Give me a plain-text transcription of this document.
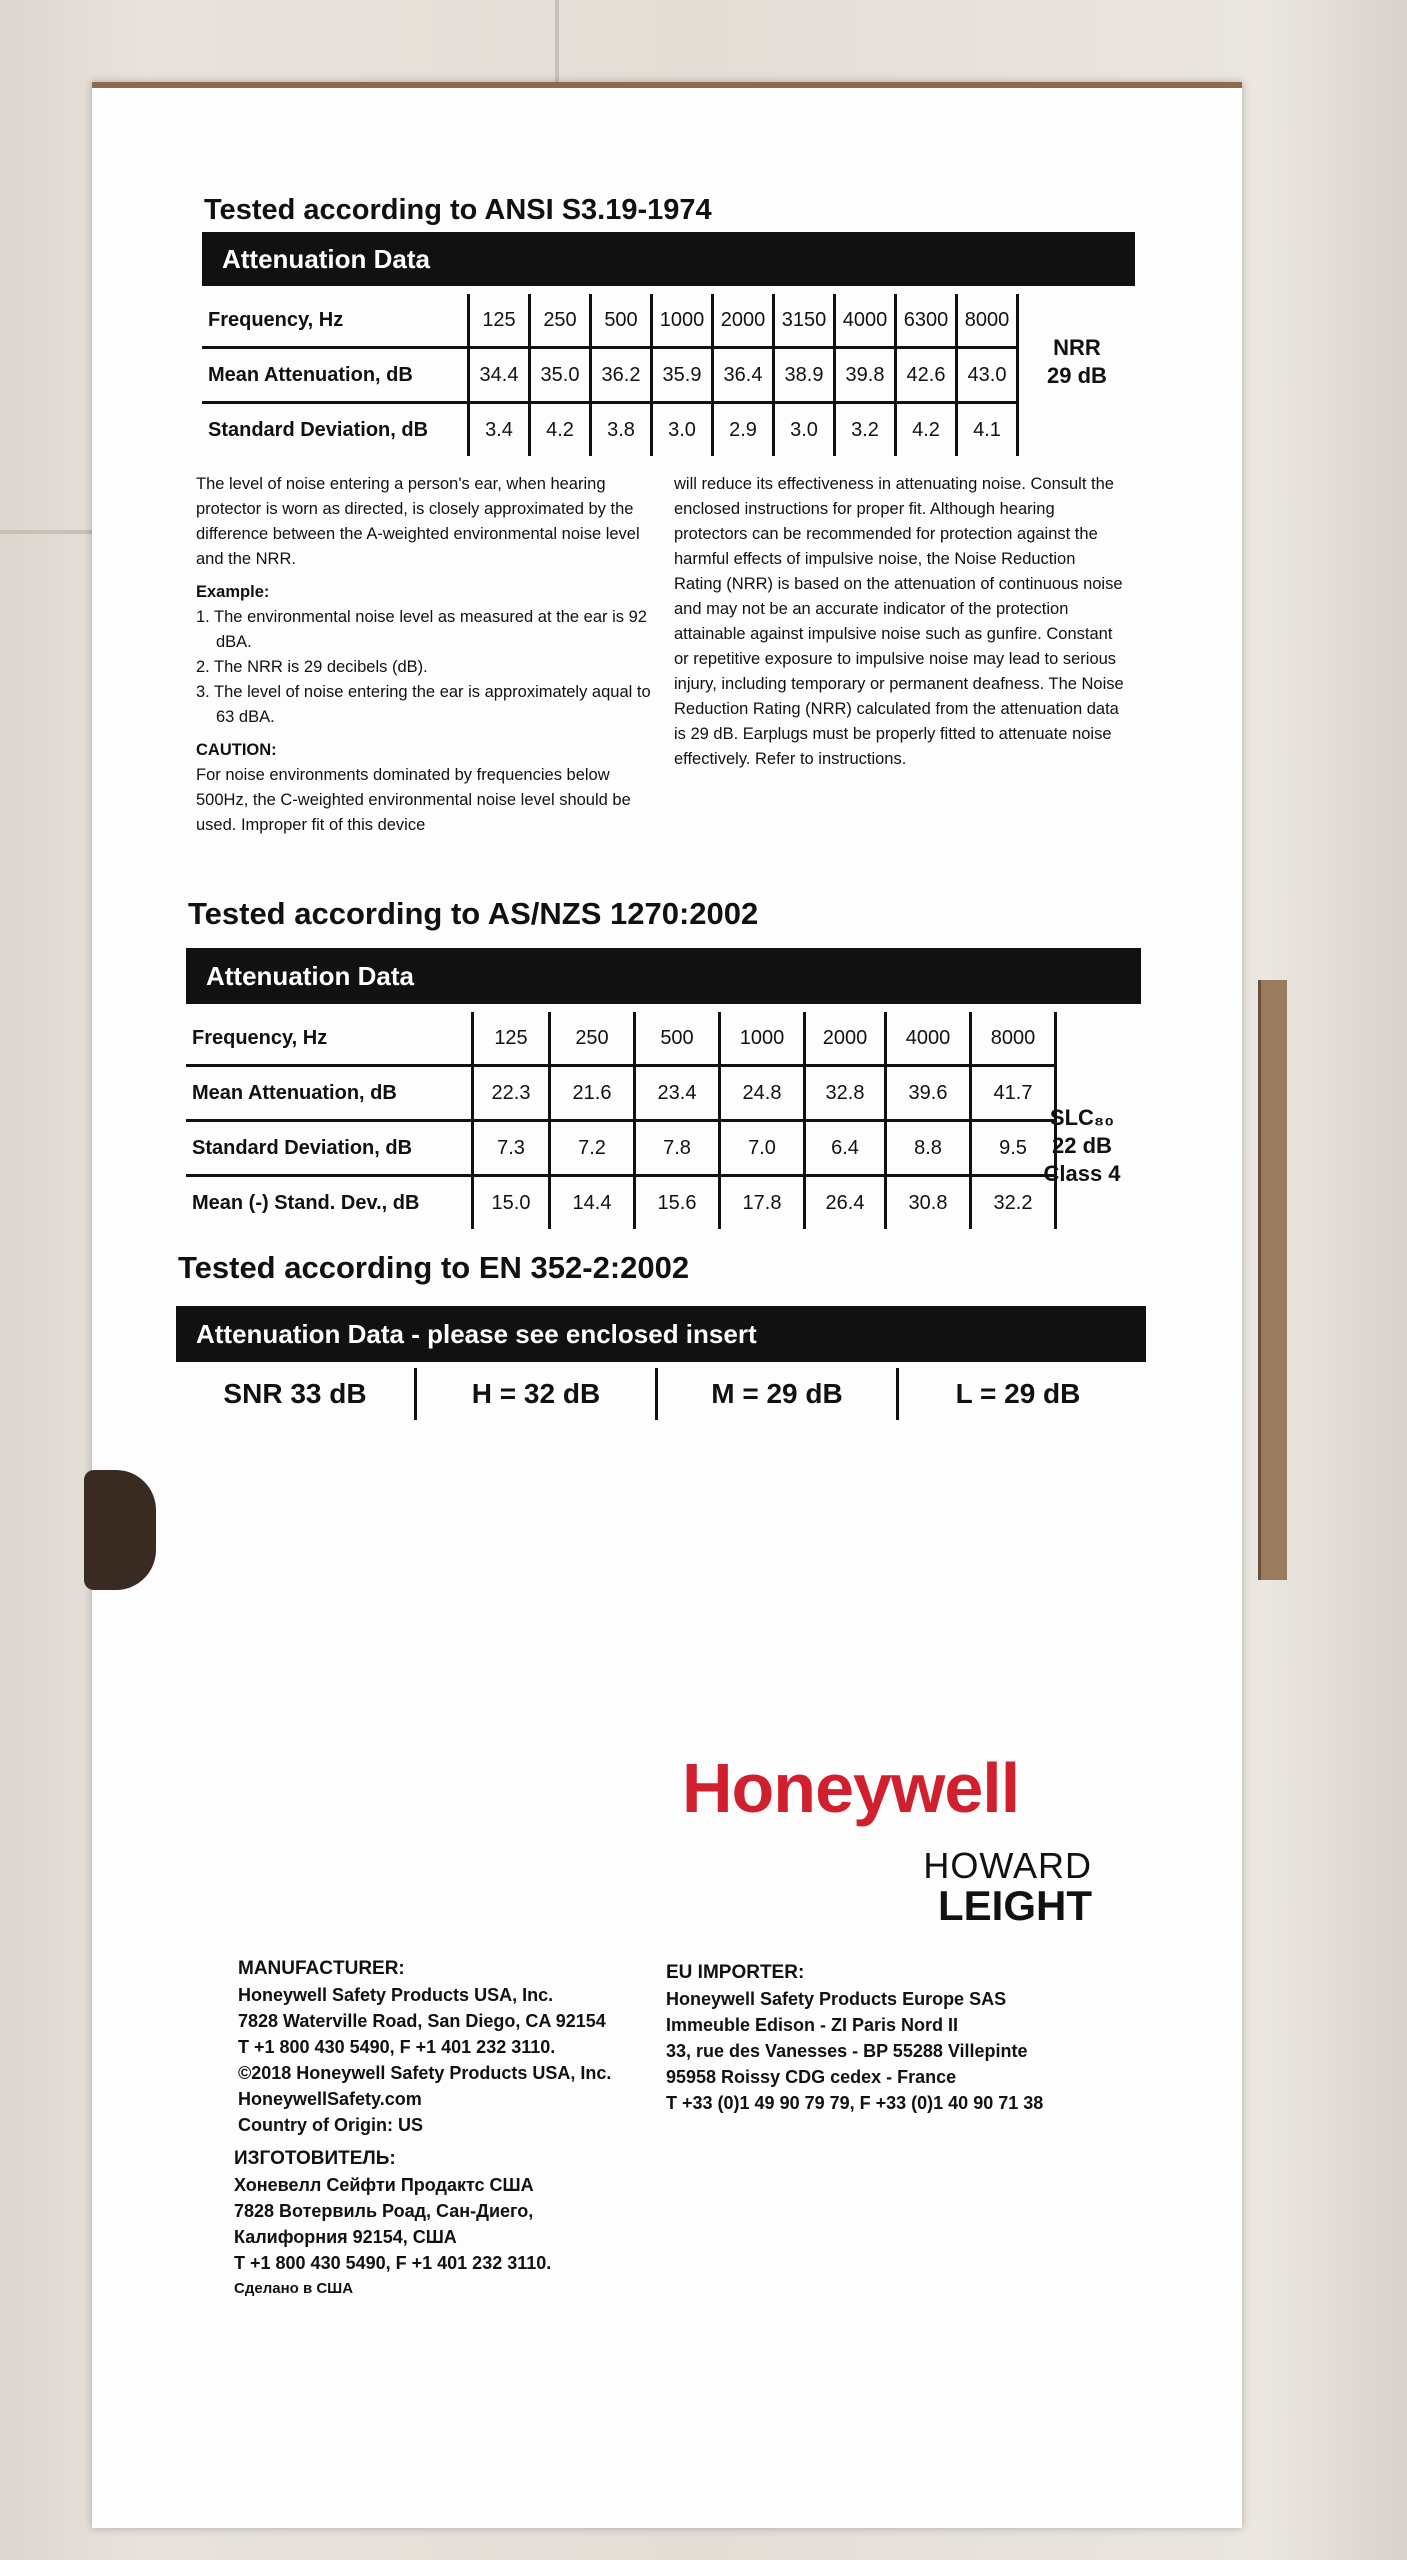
Tested according to ANSI S3.19-1974
Attenuation Data
Frequency, Hz	125	250	500	1000	2000	3150	4000	6300	8000
Mean Attenuation, dB	34.4	35.0	36.2	35.9	36.4	38.9	39.8	42.6	43.0
Standard Deviation, dB	3.4	4.2	3.8	3.0	2.9	3.0	3.2	4.2	4.1
NRR
29 dB

The level of noise entering a person's ear, when hearing protector is worn as directed, is closely approximated by the difference between the A-weighted environmental noise level and the NRR.

Example:

1. The environmental noise level as measured at the ear is 92 dBA.
2. The NRR is 29 decibels (dB).
3. The level of noise entering the ear is approximately aqual to 63 dBA.

CAUTION:

For noise environments dominated by frequencies below 500Hz, the C-weighted environmental noise level should be used. Improper fit of this device

will reduce its effectiveness in attenuating noise. Consult the enclosed instructions for proper fit. Although hearing protectors can be recommended for protection against the harmful effects of impulsive noise, the Noise Reduction Rating (NRR) is based on the attenuation of continuous noise and may not be an accurate indicator of the protection attainable against impulsive noise such as gunfire. Constant or repetitive exposure to impulsive noise may lead to serious injury, including temporary or permanent deafness. The Noise Reduction Rating (NRR) calculated from the attenuation data is 29 dB. Earplugs must be properly fitted to attenuate noise effectively. Refer to instructions.

Tested according to AS/NZS 1270:2002
Attenuation Data
Frequency, Hz	125	250	500	1000	2000	4000	8000
Mean Attenuation, dB	22.3	21.6	23.4	24.8	32.8	39.6	41.7
Standard Deviation, dB	7.3	7.2	7.8	7.0	6.4	8.8	9.5
Mean (-) Stand. Dev., dB	15.0	14.4	15.6	17.8	26.4	30.8	32.2
SLC₈₀
22 dB
Class 4
Tested according to EN 352-2:2002
Attenuation Data - please see enclosed insert
SNR 33 dB	H = 32 dB	M = 29 dB	L = 29 dB
Honeywell
HOWARD
LEIGHT
MANUFACTURER:
Honeywell Safety Products USA, Inc.
7828 Waterville Road, San Diego, CA 92154
T +1 800 430 5490, F +1 401 232 3110.
©2018 Honeywell Safety Products USA, Inc.
HoneywellSafety.com
Country of Origin: US
EU IMPORTER:
Honeywell Safety Products Europe SAS
Immeuble Edison - ZI Paris Nord II
33, rue des Vanesses - BP 55288 Villepinte
95958 Roissy CDG cedex - France
T +33 (0)1 49 90 79 79, F +33 (0)1 40 90 71 38
ИЗГОТОВИТЕЛЬ:
Хоневелл Сейфти Продактс США
7828 Вотервиль Роад, Сан-Диего,
Калифорния 92154, США
T +1 800 430 5490, F +1 401 232 3110.
Сделано в США
